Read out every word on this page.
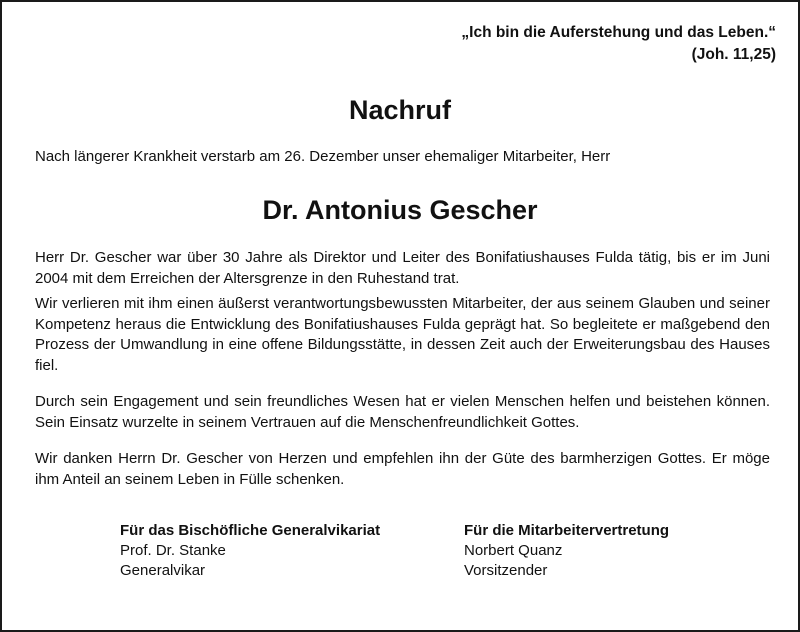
„Ich bin die Auferstehung und das Leben.“
(Joh. 11,25)
Nachruf
Nach längerer Krankheit verstarb am 26. Dezember unser ehemaliger Mitarbeiter, Herr
Dr. Antonius Gescher

Herr Dr. Gescher war über 30 Jahre als Direktor und Leiter des Bonifatiushauses Fulda tätig, bis er im Juni 2004 mit dem Erreichen der Altersgrenze in den Ruhestand trat.

Wir verlieren mit ihm einen äußerst verantwortungsbewussten Mitarbeiter, der aus seinem Glauben und seiner Kompetenz heraus die Entwicklung des Bonifatiushauses Fulda geprägt hat. So begleitete er maßgebend den Prozess der Umwandlung in eine offene Bildungsstätte, in dessen Zeit auch der Erweiterungsbau des Hauses fiel.

Durch sein Engagement und sein freundliches Wesen hat er vielen Menschen helfen und beistehen können. Sein Einsatz wurzelte in seinem Vertrauen auf die Menschenfreundlichkeit Gottes.

Wir danken Herrn Dr. Gescher von Herzen und empfehlen ihn der Güte des barmherzigen Gottes. Er möge ihm Anteil an seinem Leben in Fülle schenken.

Für das Bischöfliche Generalvikariat
Prof. Dr. Stanke
Generalvikar
Für die Mitarbeitervertretung
Norbert Quanz
Vorsitzender
